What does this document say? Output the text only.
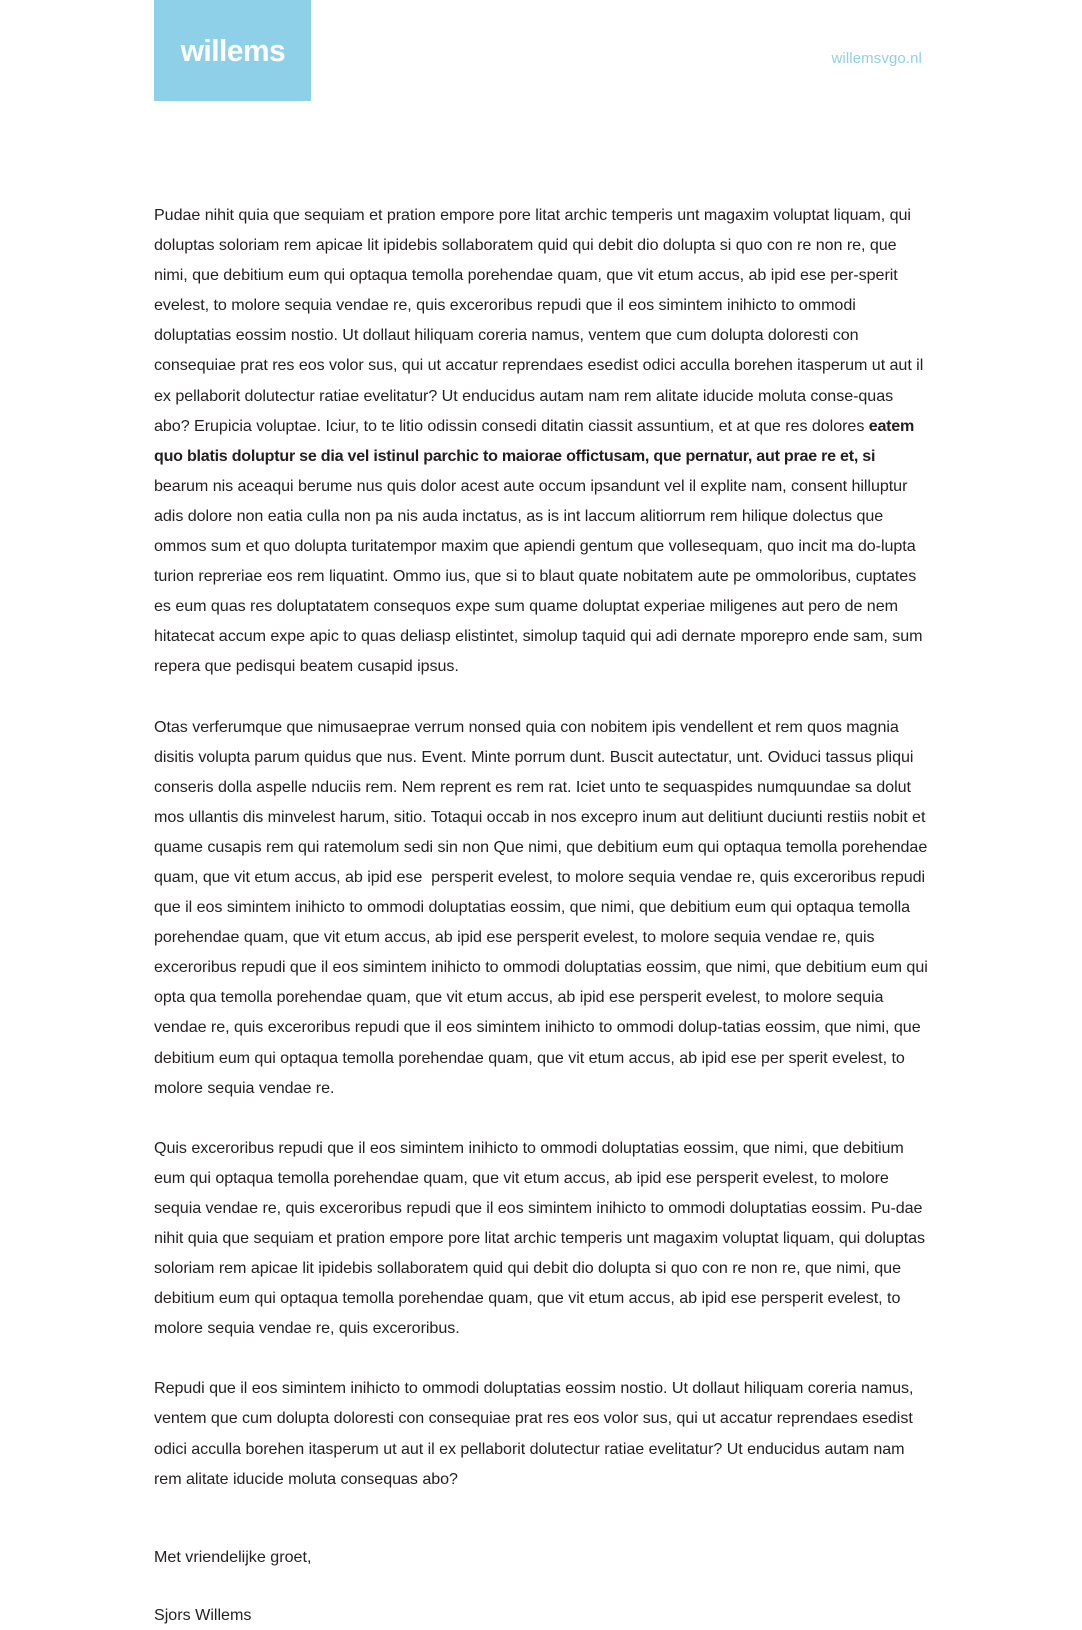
willems	willemsvgo.nl

Pudae nihit quia que sequiam et pration empore pore litat archic temperis unt magaxim voluptat liquam, qui doluptas soloriam rem apicae lit ipidebis sollaboratem quid qui debit dio dolupta si quo con re non re, que nimi, que debitium eum qui optaqua temolla porehendae quam, que vit etum accus, ab ipid ese per-sperit evelest, to molore sequia vendae re, quis exceroribus repudi que il eos simintem inihicto to ommodi doluptatias eossim nostio. Ut dollaut hiliquam coreria namus, ventem que cum dolupta doloresti con consequiae prat res eos volor sus, qui ut accatur reprendaes esedist odici acculla borehen itasperum ut aut il ex pellaborit dolutectur ratiae evelitatur? Ut enducidus autam nam rem alitate iducide moluta conse-quas abo? Erupicia voluptae. Iciur, to te litio odissin consedi ditatin ciassit assuntium, et at que res dolores eatem quo blatis doluptur se dia vel istinul parchic to maiorae offictusam, que pernatur, aut prae re et, si bearum nis aceaqui berume nus quis dolor acest aute occum ipsandunt vel il explite nam, consent hilluptur adis dolore non eatia culla non pa nis auda inctatus, as is int laccum alitiorrum rem hilique dolectus que ommos sum et quo dolupta turitatempor maxim que apiendi gentum que vollesequam, quo incit ma do-lupta turion repreriae eos rem liquatint. Ommo ius, que si to blaut quate nobitatem aute pe ommoloribus, cuptates es eum quas res doluptatatem consequos expe sum quame doluptat experiae miligenes aut pero de nem hitatecat accum expe apic to quas deliasp elistintet, simolup taquid qui adi dernate mporepro ende sam, sum repera que pedisqui beatem cusapid ipsus.

Otas verferumque que nimusaeprae verrum nonsed quia con nobitem ipis vendellent et rem quos magnia disitis volupta parum quidus que nus. Event. Minte porrum dunt. Buscit autectatur, unt. Oviduci tassus pliqui conseris dolla aspelle nduciis rem. Nem reprent es rem rat. Iciet unto te sequaspides numquundae sa dolut mos ullantis dis minvelest harum, sitio. Totaqui occab in nos excepro inum aut delitiunt duciunti restiis nobit et quame cusapis rem qui ratemolum sedi sin non Que nimi, que debitium eum qui optaqua temolla porehendae quam, que vit etum accus, ab ipid ese  persperit evelest, to molore sequia vendae re, quis exceroribus repudi que il eos simintem inihicto to ommodi doluptatias eossim, que nimi, que debitium eum qui optaqua temolla porehendae quam, que vit etum accus, ab ipid ese persperit evelest, to molore sequia vendae re, quis exceroribus repudi que il eos simintem inihicto to ommodi doluptatias eossim, que nimi, que debitium eum qui opta qua temolla porehendae quam, que vit etum accus, ab ipid ese persperit evelest, to molore sequia vendae re, quis exceroribus repudi que il eos simintem inihicto to ommodi dolup-tatias eossim, que nimi, que debitium eum qui optaqua temolla porehendae quam, que vit etum accus, ab ipid ese per sperit evelest, to molore sequia vendae re.

Quis exceroribus repudi que il eos simintem inihicto to ommodi doluptatias eossim, que nimi, que debitium eum qui optaqua temolla porehendae quam, que vit etum accus, ab ipid ese persperit evelest, to molore sequia vendae re, quis exceroribus repudi que il eos simintem inihicto to ommodi doluptatias eossim. Pu-dae nihit quia que sequiam et pration empore pore litat archic temperis unt magaxim voluptat liquam, qui doluptas soloriam rem apicae lit ipidebis sollaboratem quid qui debit dio dolupta si quo con re non re, que nimi, que debitium eum qui optaqua temolla porehendae quam, que vit etum accus, ab ipid ese persperit evelest, to molore sequia vendae re, quis exceroribus.

Repudi que il eos simintem inihicto to ommodi doluptatias eossim nostio. Ut dollaut hiliquam coreria namus, ventem que cum dolupta doloresti con consequiae prat res eos volor sus, qui ut accatur reprendaes esedist odici acculla borehen itasperum ut aut il ex pellaborit dolutectur ratiae evelitatur? Ut enducidus autam nam rem alitate iducide moluta consequas abo?

Met vriendelijke groet,
Sjors Willems
